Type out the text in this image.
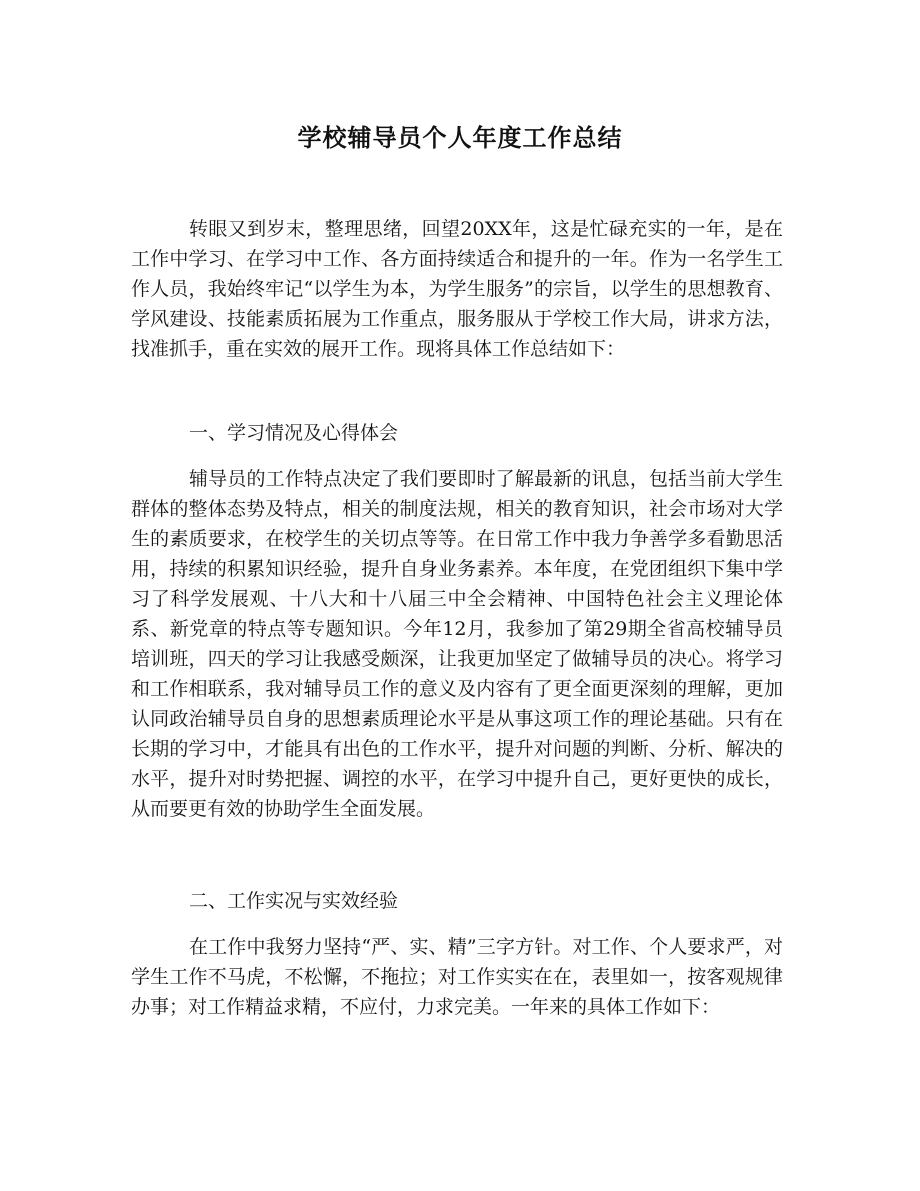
学校辅导员个人年度工作总结

转眼又到岁末，整理思绪，回望20XX年，这是忙碌充实的一年，是在工作中学习、在学习中工作、各方面持续适合和提升的一年。作为一名学生工作人员，我始终牢记“以学生为本，为学生服务”的宗旨，以学生的思想教育、学风建设、技能素质拓展为工作重点，服务服从于学校工作大局，讲求方法，找准抓手，重在实效的展开工作。现将具体工作总结如下：

一、学习情况及心得体会

辅导员的工作特点决定了我们要即时了解最新的讯息，包括当前大学生群体的整体态势及特点，相关的制度法规，相关的教育知识，社会市场对大学生的素质要求，在校学生的关切点等等。在日常工作中我力争善学多看勤思活用，持续的积累知识经验，提升自身业务素养。本年度，在党团组织下集中学习了科学发展观、十八大和十八届三中全会精神、中国特色社会主义理论体系、新党章的特点等专题知识。今年12月，我参加了第29期全省高校辅导员培训班，四天的学习让我感受颇深，让我更加坚定了做辅导员的决心。将学习和工作相联系，我对辅导员工作的意义及内容有了更全面更深刻的理解，更加认同政治辅导员自身的思想素质理论水平是从事这项工作的理论基础。只有在长期的学习中，才能具有出色的工作水平，提升对问题的判断、分析、解决的水平，提升对时势把握、调控的水平，在学习中提升自己，更好更快的成长，从而要更有效的协助学生全面发展。

二、工作实况与实效经验

在工作中我努力坚持“严、实、精”三字方针。对工作、个人要求严，对学生工作不马虎，不松懈，不拖拉；对工作实实在在，表里如一，按客观规律办事；对工作精益求精，不应付，力求完美。一年来的具体工作如下：
